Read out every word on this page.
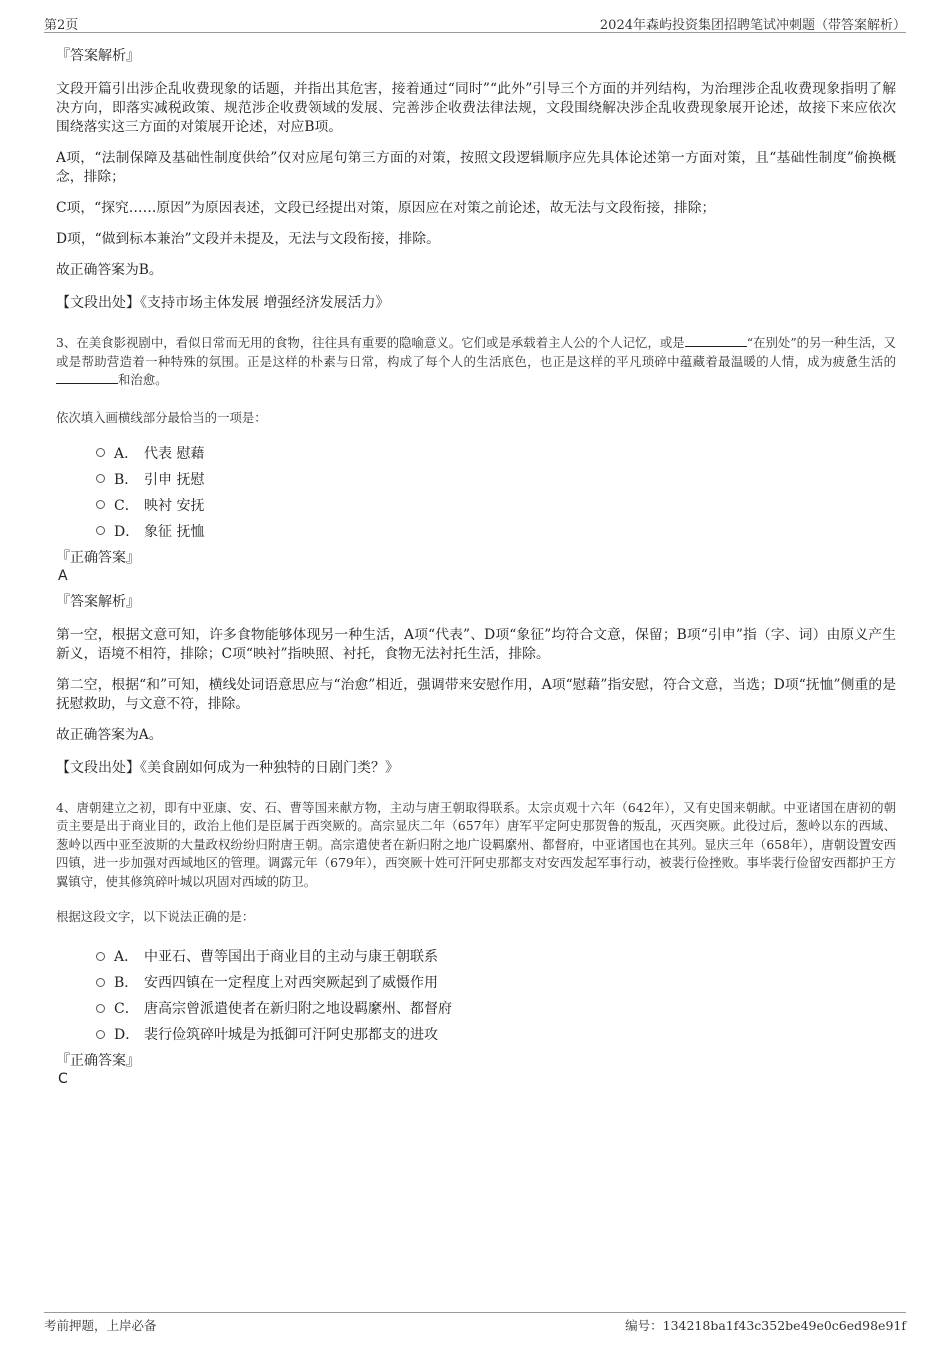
第2页	2024年森屿投资集团招聘笔试冲刺题（带答案解析）
『答案解析』

文段开篇引出涉企乱收费现象的话题，并指出其危害，接着通过“同时”“此外”引导三个方面的并列结构，为治理涉企乱收费现象指明了解决方向，即落实减税政策、规范涉企收费领域的发展、完善涉企收费法律法规，文段围绕解决涉企乱收费现象展开论述，故接下来应依次围绕落实这三方面的对策展开论述，对应B项。

A项，“法制保障及基础性制度供给”仅对应尾句第三方面的对策，按照文段逻辑顺序应先具体论述第一方面对策，且“基础性制度”偷换概念，排除；

C项，“探究……原因”为原因表述，文段已经提出对策，原因应在对策之前论述，故无法与文段衔接，排除；

D项，“做到标本兼治”文段并未提及，无法与文段衔接，排除。

故正确答案为B。

【文段出处】《支持市场主体发展 增强经济发展活力》

3、在美食影视剧中，看似日常而无用的食物，往往具有重要的隐喻意义。它们或是承载着主人公的个人记忆，或是	“在别处”的另一种生活，又或是帮助营造着一种特殊的氛围。正是这样的朴素与日常，构成了每个人的生活底色，也正是这样的平凡琐碎中蕴藏着最温暖的人情，成为疲惫生活的和治愈。

依次填入画横线部分最恰当的一项是：

A． 代表 慰藉
B． 引申 抚慰
C． 映衬 安抚
D． 象征 抚恤
『正确答案』
A
『答案解析』

第一空，根据文意可知，许多食物能够体现另一种生活，A项“代表”、D项“象征”均符合文意，保留；B项“引申”指（字、词）由原义产生新义，语境不相符，排除；C项“映衬”指映照、衬托，食物无法衬托生活，排除。

第二空，根据“和”可知，横线处词语意思应与“治愈”相近，强调带来安慰作用，A项“慰藉”指安慰，符合文意，当选；D项“抚恤”侧重的是抚慰救助，与文意不符，排除。

故正确答案为A。

【文段出处】《美食剧如何成为一种独特的日剧门类？》

4、唐朝建立之初，即有中亚康、安、石、曹等国来献方物，主动与唐王朝取得联系。太宗贞观十六年（642年），又有史国来朝献。中亚诸国在唐初的朝贡主要是出于商业目的，政治上他们是臣属于西突厥的。高宗显庆二年（657年）唐军平定阿史那贺鲁的叛乱，灭西突厥。此役过后，葱岭以东的西域、葱岭以西中亚至波斯的大量政权纷纷归附唐王朝。高宗遣使者在新归附之地广设羁縻州、都督府，中亚诸国也在其列。显庆三年（658年），唐朝设置安西四镇，进一步加强对西域地区的管理。调露元年（679年），西突厥十姓可汗阿史那都支对安西发起军事行动，被裴行俭挫败。事毕裴行俭留安西都护王方翼镇守，使其修筑碎叶城以巩固对西域的防卫。

根据这段文字，以下说法正确的是：

A． 中亚石、曹等国出于商业目的主动与康王朝联系
B． 安西四镇在一定程度上对西突厥起到了威慑作用
C． 唐高宗曾派遣使者在新归附之地设羁縻州、都督府
D． 裴行俭筑碎叶城是为抵御可汗阿史那都支的进攻
『正确答案』
C
考前押题，上岸必备	编号：134218ba1f43c352be49e0c6ed98e91f
